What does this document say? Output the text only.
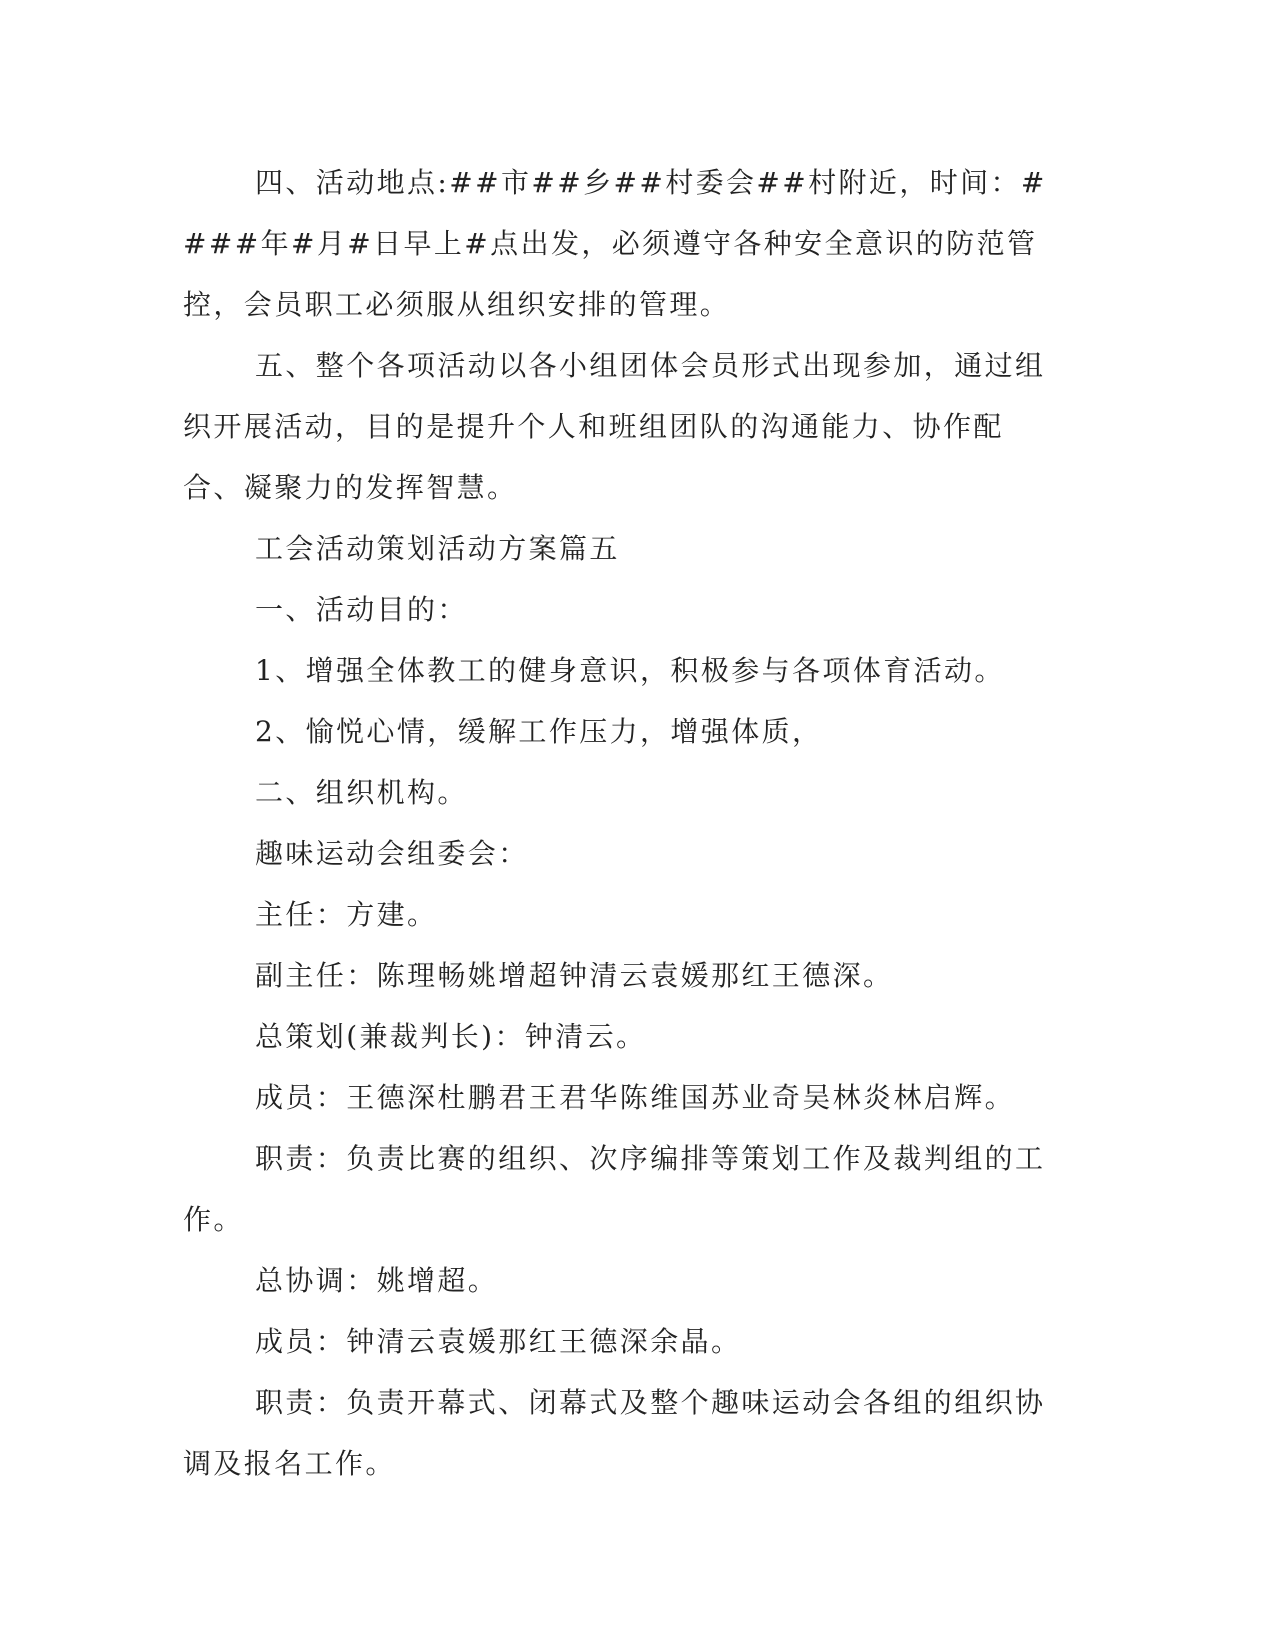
四、活动地点:##市##乡##村委会##村附近，时间：####年#月#日早上#点出发，必须遵守各种安全意识的防范管控，会员职工必须服从组织安排的管理。

五、整个各项活动以各小组团体会员形式出现参加，通过组织开展活动，目的是提升个人和班组团队的沟通能力、协作配合、凝聚力的发挥智慧。

工会活动策划活动方案篇五

一、活动目的：

1、增强全体教工的健身意识，积极参与各项体育活动。

2、愉悦心情，缓解工作压力，增强体质，

二、组织机构。

趣味运动会组委会：

主任：方建。

副主任：陈理畅姚增超钟清云袁媛那红王德深。

总策划(兼裁判长)：钟清云。

成员：王德深杜鹏君王君华陈维国苏业奇吴林炎林启辉。

职责：负责比赛的组织、次序编排等策划工作及裁判组的工作。

总协调：姚增超。

成员：钟清云袁媛那红王德深余晶。

职责：负责开幕式、闭幕式及整个趣味运动会各组的组织协调及报名工作。
